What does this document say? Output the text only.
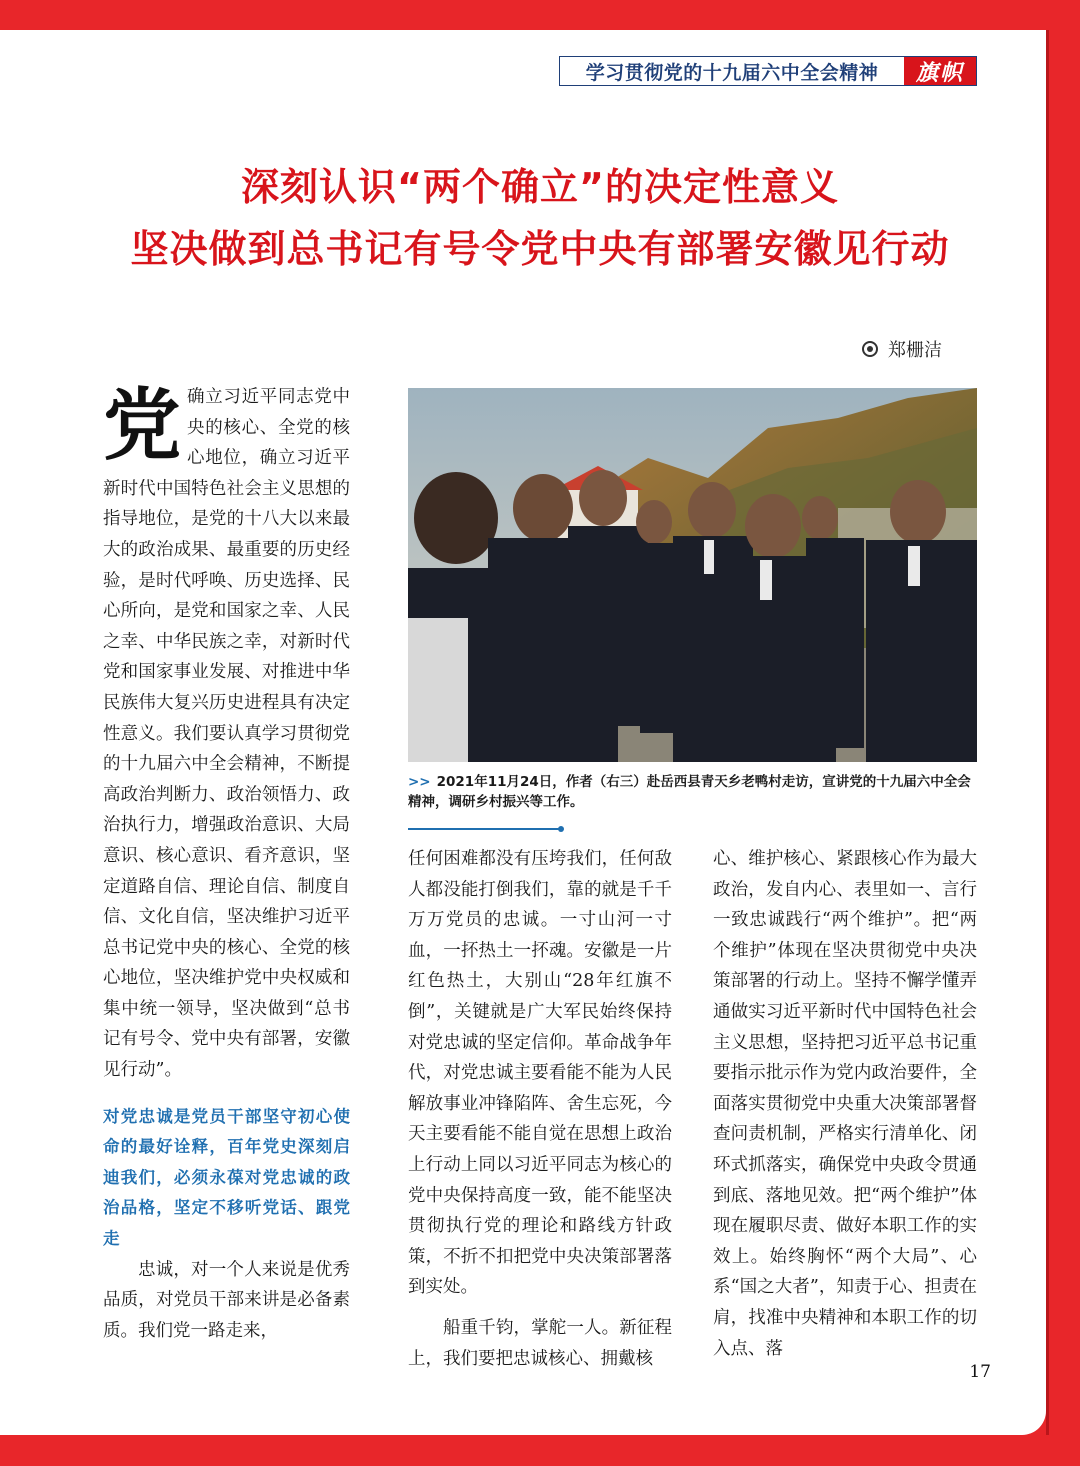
学习贯彻党的十九届六中全会精神	旗帜
深刻认识“两个确立”的决定性意义
坚决做到总书记有号令党中央有部署安徽见行动
郑栅洁

党确立习近平同志党中央的核心、全党的核心地位，确立习近平新时代中国特色社会主义思想的指导地位，是党的十八大以来最大的政治成果、最重要的历史经验，是时代呼唤、历史选择、民心所向，是党和国家之幸、人民之幸、中华民族之幸，对新时代党和国家事业发展、对推进中华民族伟大复兴历史进程具有决定性意义。我们要认真学习贯彻党的十九届六中全会精神，不断提高政治判断力、政治领悟力、政治执行力，增强政治意识、大局意识、核心意识、看齐意识，坚定道路自信、理论自信、制度自信、文化自信，坚决维护习近平总书记党中央的核心、全党的核心地位，坚决维护党中央权威和集中统一领导，坚决做到“总书记有号令、党中央有部署，安徽见行动”。

对党忠诚是党员干部坚守初心使命的最好诠释，百年党史深刻启迪我们，必须永葆对党忠诚的政治品格，坚定不移听党话、跟党走

忠诚，对一个人来说是优秀品质，对党员干部来讲是必备素质。我们党一路走来，

>> 2021年11月24日，作者（右三）赴岳西县青天乡老鸭村走访，宣讲党的十九届六中全会精神，调研乡村振兴等工作。

任何困难都没有压垮我们，任何敌人都没能打倒我们，靠的就是千千万万党员的忠诚。一寸山河一寸血，一抔热土一抔魂。安徽是一片红色热土，大别山“28年红旗不倒”，关键就是广大军民始终保持对党忠诚的坚定信仰。革命战争年代，对党忠诚主要看能不能为人民解放事业冲锋陷阵、舍生忘死，今天主要看能不能自觉在思想上政治上行动上同以习近平同志为核心的党中央保持高度一致，能不能坚决贯彻执行党的理论和路线方针政策，不折不扣把党中央决策部署落到实处。

船重千钧，掌舵一人。新征程上，我们要把忠诚核心、拥戴核

心、维护核心、紧跟核心作为最大政治，发自内心、表里如一、言行一致忠诚践行“两个维护”。把“两个维护”体现在坚决贯彻党中央决策部署的行动上。坚持不懈学懂弄通做实习近平新时代中国特色社会主义思想，坚持把习近平总书记重要指示批示作为党内政治要件，全面落实贯彻党中央重大决策部署督查问责机制，严格实行清单化、闭环式抓落实，确保党中央政令贯通到底、落地见效。把“两个维护”体现在履职尽责、做好本职工作的实效上。始终胸怀“两个大局”、心系“国之大者”，知责于心、担责在肩，找准中央精神和本职工作的切入点、落

17
